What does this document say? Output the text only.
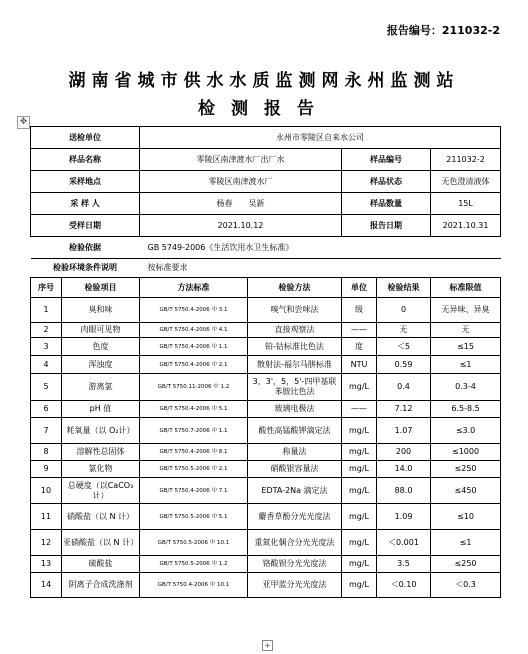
报告编号：211032-2
湖南省城市供水水质监测网永州监测站
检测报告
✥
送检单位		永州市零陵区自来水公司				
样品名称		零陵区南津渡水厂出厂水		样品编号		211032-2
采样地点		零陵区南津渡水厂		样品状态		无色澄清液体
采 样 人		杨春　　吴新		样品数量		15L
受样日期		2021.10.12		报告日期		2021.10.31
检验依据		GB 5749-2006《生活饮用水卫生标准》				
检验环境条件说明		按标准要求				
序号	检验项目	方法标准	检验方法	单位	检验结果	标准限值
1	臭和味	GB/T 5750.4-2006 中 3.1	嗅气和尝味法	级	0	无异味、异臭
2	肉眼可见物	GB/T 5750.4-2006 中 4.1	直接观察法	——	无	无
3	色度	GB/T 5750.4-2006 中 1.1	铂-钴标准比色法	度	＜5	≤15
4	浑浊度	GB/T 5750.4-2006 中 2.1	散射法-福尔马肼标准	NTU	0.59	≤1
5	游离氯	GB/T 5750.11-2006 中 1.2	3，3'，5，5'-四甲基联苯胺比色法	mg/L	0.4	0.3-4
6	pH 值	GB/T 5750.4-2006 中 5.1	玻璃电极法	——	7.12	6.5-8.5
7	耗氧量（以 O₂计）	GB/T 5750.7-2006 中 1.1	酸性高锰酸钾滴定法	mg/L	1.07	≤3.0
8	溶解性总固体	GB/T 5750.4-2006 中 8.1	称量法	mg/L	200	≤1000
9	氯化物	GB/T 5750.5-2006 中 2.1	硝酸银容量法	mg/L	14.0	≤250
10	总硬度（以CaCO₃计）	GB/T 5750.4-2006 中 7.1	EDTA-2Na 滴定法	mg/L	88.0	≤450
11	硝酸盐（以 N 计）	GB/T 5750.5-2006 中 5.1	麝香草酚分光光度法	mg/L	1.09	≤10
12	亚硝酸盐（以 N 计）	GB/T 5750.5-2006 中 10.1	重氮化偶合分光光度法	mg/L	＜0.001	≤1
13	硫酸盐	GB/T 5750.5-2006 中 1.2	铬酸钡分光光度法	mg/L	3.5	≤250
14	阴离子合成洗涤剂	GB/T 5750.4-2006 中 10.1	亚甲蓝分光光度法	mg/L	＜0.10	＜0.3
+
